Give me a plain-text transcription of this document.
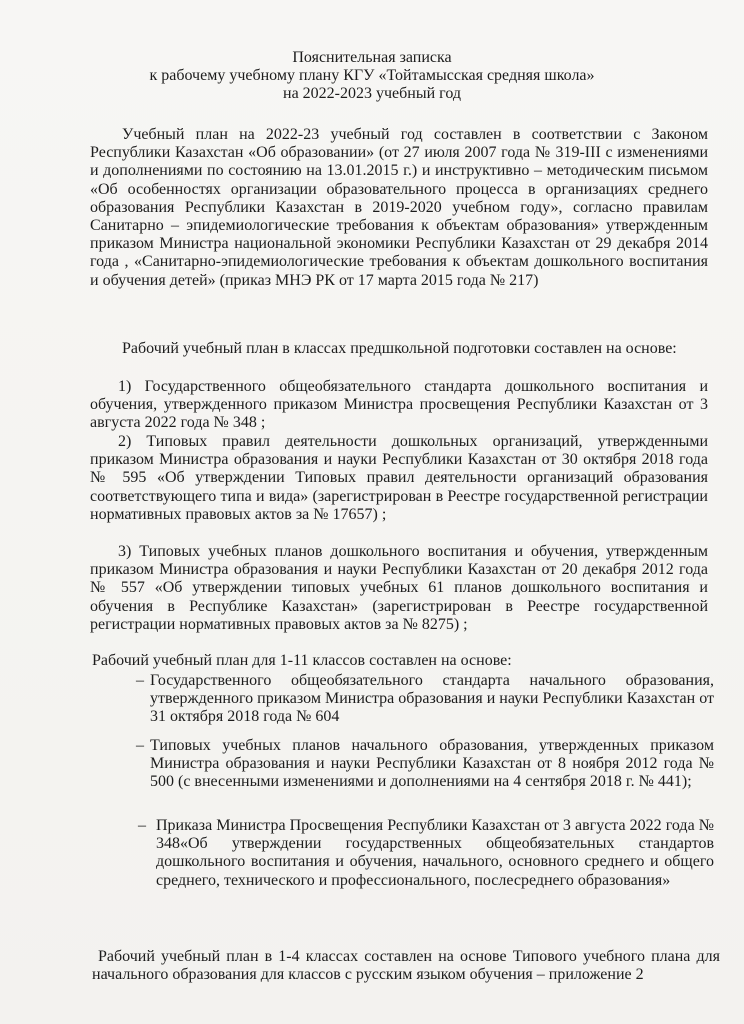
Пояснительная записка
к рабочему учебному плану КГУ «Тойтамысская средняя школа»
на 2022-2023 учебный год
Учебный план на 2022-23 учебный год составлен в соответствии с Законом Республики Казахстан «Об образовании» (от 27 июля 2007 года № 319-III с изменениями и дополнениями по состоянию на 13.01.2015 г.) и инструктивно – методическим письмом «Об особенностях организации образовательного процесса в организациях среднего образования Республики Казахстан в 2019-2020 учебном году», согласно правилам Санитарно – эпидемиологические требования к объектам образования» утвержденным приказом Министра национальной экономики Республики Казахстан от 29 декабря 2014 года , «Санитарно-эпидемиологические требования к объектам дошкольного воспитания и обучения детей» (приказ МНЭ РК от 17 марта 2015 года № 217)
Рабочий учебный план в классах предшкольной подготовки составлен на основе:
1) Государственного общеобязательного стандарта дошкольного воспитания и обучения, утвержденного приказом Министра просвещения Республики Казахстан от 3 августа 2022 года № 348 ;
2) Типовых правил деятельности дошкольных организаций, утвержденными приказом Министра образования и науки Республики Казахстан от 30 октября 2018 года № 595 «Об утверждении Типовых правил деятельности организаций образования соответствующего типа и вида» (зарегистрирован в Реестре государственной регистрации нормативных правовых актов за № 17657) ;
3) Типовых учебных планов дошкольного воспитания и обучения, утвержденным приказом Министра образования и науки Республики Казахстан от 20 декабря 2012 года № 557 «Об утверждении типовых учебных 61 планов дошкольного воспитания и обучения в Республике Казахстан» (зарегистрирован в Реестре государственной регистрации нормативных правовых актов за № 8275) ;
Рабочий учебный план для 1-11 классов составлен на основе:
– Государственного общеобязательного стандарта начального образования, утвержденного приказом Министра образования и науки Республики Казахстан от 31 октября 2018 года № 604
– Типовых учебных планов начального образования, утвержденных приказом Министра образования и науки Республики Казахстан от 8 ноября 2012 года № 500 (с внесенными изменениями и дополнениями на 4 сентября 2018 г. № 441);
– Приказа Министра Просвещения Республики Казахстан от 3 августа 2022 года № 348«Об утверждении государственных общеобязательных стандартов дошкольного воспитания и обучения, начального, основного среднего и общего среднего, технического и профессионального, послесреднего образования»
Рабочий учебный план в 1-4 классах составлен на основе Типового учебного плана для начального образования для классов с русским языком обучения – приложение 2
